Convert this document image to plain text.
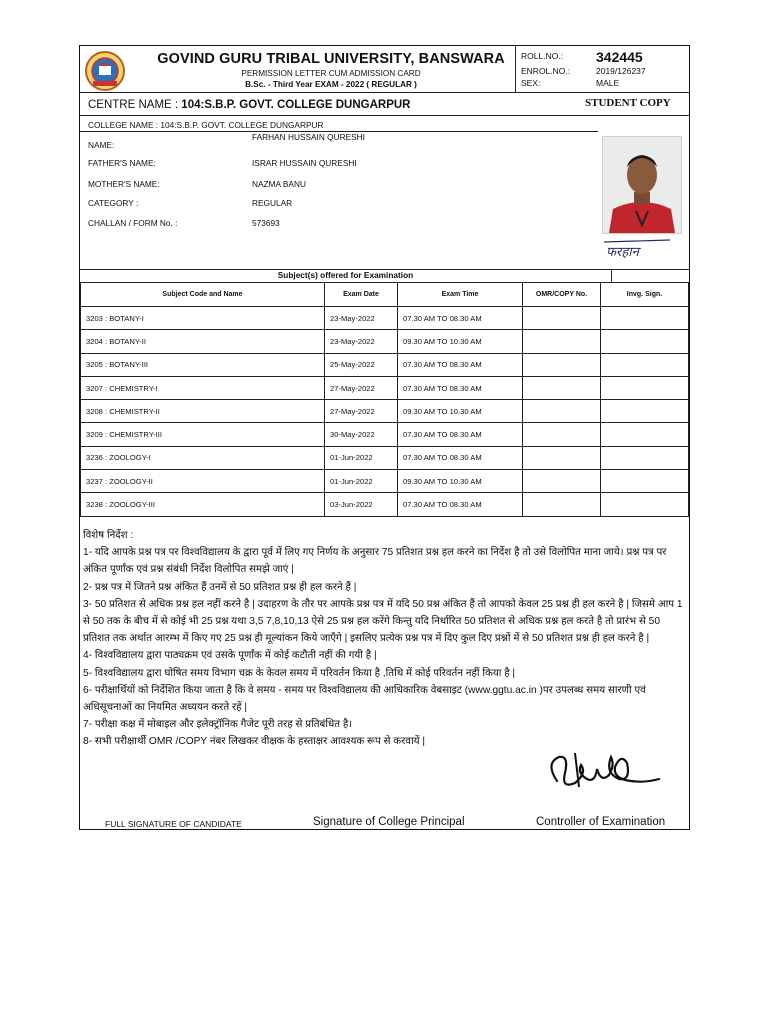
GOVIND GURU TRIBAL UNIVERSITY, BANSWARA
PERMISSION LETTER CUM ADMISSION CARD
B.Sc. - Third Year EXAM - 2022 ( REGULAR )
ROLL.NO.: 342445
ENROL.NO.:	2019/126237
SEX:	MALE
CENTRE NAME : 104:S.B.P. GOVT. COLLEGE DUNGARPUR	STUDENT COPY
COLLEGE NAME : 104:S.B.P. GOVT. COLLEGE DUNGARPUR
NAME:
FARHAN HUSSAIN QURESHI
FATHER'S NAME:	ISRAR HUSSAIN QURESHI
MOTHER'S NAME:	NAZMA BANU
CATEGORY :	REGULAR
CHALLAN / FORM No. :	573693
फरहान
Subject(s) offered for Examination
Subject Code and Name	Exam Date	Exam Time	OMR/COPY No.	Invg. Sign.
3203 : BOTANY-I	23-May-2022	07.30 AM TO 08.30 AM		
3204 : BOTANY-II	23-May-2022	09.30 AM TO 10.30 AM		
3205 : BOTANY-III	25-May-2022	07.30 AM TO 08.30 AM		
3207 : CHEMISTRY-I	27-May-2022	07.30 AM TO 08.30 AM		
3208 : CHEMISTRY-II	27-May-2022	09.30 AM TO 10.30 AM		
3209 : CHEMISTRY-III	30-May-2022	07.30 AM TO 08.30 AM		
3236 : ZOOLOGY-I	01-Jun-2022	07.30 AM TO 08.30 AM		
3237 : ZOOLOGY-II	01-Jun-2022	09.30 AM TO 10.30 AM		
3238 : ZOOLOGY-III	03-Jun-2022	07.30 AM TO 08.30 AM		

विशेष निर्देश :

1- यदि आपके प्रश्न पत्र पर विश्वविद्यालय के द्वारा पूर्व में लिए गए निर्णय के अनुसार 75 प्रतिशत प्रश्न हल करने का निर्देश है तो उसे विलोपित माना जाये। प्रश्न पत्र पर अंकित पूर्णांक एवं प्रश्न संबंधी निर्देश विलोपित समझे जाएं |

2- प्रश्न पत्र में जितने प्रश्न अंकित हैं उनमें से 50 प्रतिशत प्रश्न ही हल करने हैं |

3- 50 प्रतिशत से अधिक प्रश्न हल नहीं करने है | उदाहरण के तौर पर आपके प्रश्न पत्र में यदि 50 प्रश्न अंकित हैं तो आपको केवल 25 प्रश्न ही हल करने है | जिसमे आप 1 से 50 तक के बीच में से कोई भी 25 प्रश्न यथा 3,5 7,8,10,13 ऐसे 25 प्रश्न हल करेंगे किन्तु यदि निर्धारित 50 प्रतिशत से अधिक प्रश्न हल करते है तो प्रारंभ से 50 प्रतिशत तक अर्थात आरम्भ में किए गए 25 प्रश्न ही मूल्यांकन किये जाएँगे | इसलिए प्रत्येक प्रश्न पत्र में दिए कुल दिए प्रश्नों में से 50 प्रतिशत प्रश्न ही हल करने है |

4- विश्वविद्यालय द्वारा पाठ्यक्रम एवं उसके पूर्णांक में कोई कटौती नहीं की गयी है |

5- विश्वविद्यालय द्वारा घोषित समय विभाग चक्र के केवल समय में परिवर्तन किया है ,तिथि में कोई परिवर्तन नहीं किया है |

6- परीक्षार्थियों को निर्देशित किया जाता है कि वे समय - समय पर विश्वविद्यालय की आधिकारिक वेबसाइट (www.ggtu.ac.in )पर उपलब्ध समय सारणी एवं अधिसूचनाओं का नियमित अध्ययन करते रहें |

7- परीक्षा कक्ष में मोबाइल और इलेक्ट्रॉनिक गैजेट पूरी तरह से प्रतिबंधित है।

8- सभी परीक्षार्थी OMR /COPY नंबर लिखकर वीक्षक के हस्ताक्षर आवश्यक रूप से करवायें |

FULL SIGNATURE OF CANDIDATE	Signature of College Principal	Controller of Examination
